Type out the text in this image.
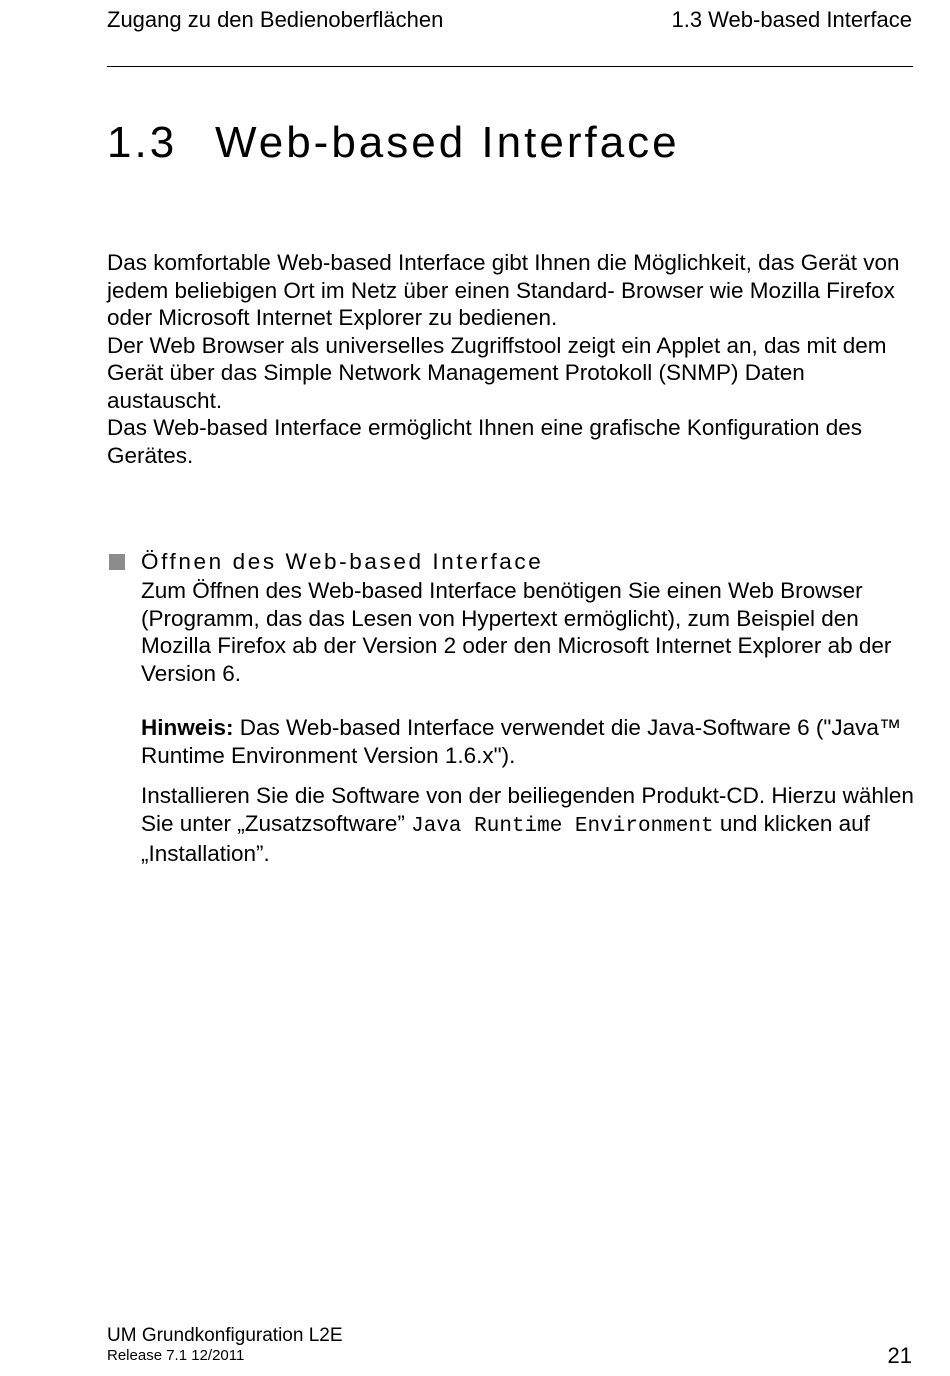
Zugang zu den Bedienoberflächen	1.3 Web-based Interface
1.3 Web-based Interface

Das komfortable Web-based Interface gibt Ihnen die Möglichkeit, das Gerät von jedem beliebigen Ort im Netz über einen Standard- Browser wie Mozilla Firefox oder Microsoft Internet Explorer zu bedienen.

Der Web Browser als universelles Zugriffstool zeigt ein Applet an, das mit dem Gerät über das Simple Network Management Protokoll (SNMP) Daten austauscht.

Das Web-based Interface ermöglicht Ihnen eine grafische Konfiguration des Gerätes.

Öffnen des Web-based Interface

Zum Öffnen des Web-based Interface benötigen Sie einen Web Browser (Programm, das das Lesen von Hypertext ermöglicht), zum Beispiel den Mozilla Firefox ab der Version 2 oder den Microsoft Internet Explorer ab der Version 6.

Hinweis: Das Web-based Interface verwendet die Java-Software 6 ("Java™ Runtime Environment Version 1.6.x").

Installieren Sie die Software von der beiliegenden Produkt-CD. Hierzu wählen Sie unter „Zusatzsoftware” Java Runtime Environment und klicken auf „Installation”.

UM Grundkonfiguration L2E
Release 7.1 12/2011	21
